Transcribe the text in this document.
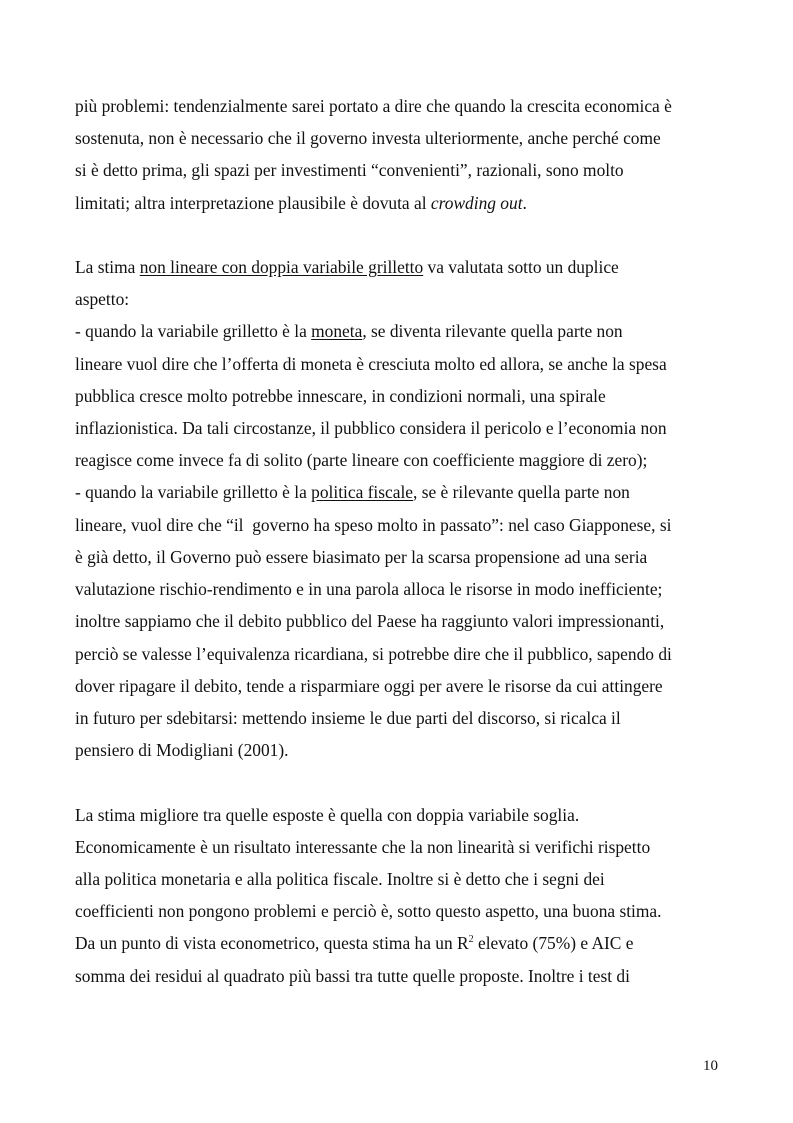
più problemi: tendenzialmente sarei portato a dire che quando la crescita economica è
sostenuta, non è necessario che il governo investa ulteriormente, anche perché come
si è detto prima, gli spazi per investimenti “convenienti”, razionali, sono molto
limitati; altra interpretazione plausibile è dovuta al crowding out.
La stima non lineare con doppia variabile grilletto va valutata sotto un duplice
aspetto:
- quando la variabile grilletto è la moneta, se diventa rilevante quella parte non
lineare vuol dire che l’offerta di moneta è cresciuta molto ed allora, se anche la spesa
pubblica cresce molto potrebbe innescare, in condizioni normali, una spirale
inflazionistica. Da tali circostanze, il pubblico considera il pericolo e l’economia non
reagisce come invece fa di solito (parte lineare con coefficiente maggiore di zero);
- quando la variabile grilletto è la politica fiscale, se è rilevante quella parte non
lineare, vuol dire che “il  governo ha speso molto in passato”: nel caso Giapponese, si
è già detto, il Governo può essere biasimato per la scarsa propensione ad una seria
valutazione rischio-rendimento e in una parola alloca le risorse in modo inefficiente;
inoltre sappiamo che il debito pubblico del Paese ha raggiunto valori impressionanti,
perciò se valesse l’equivalenza ricardiana, si potrebbe dire che il pubblico, sapendo di
dover ripagare il debito, tende a risparmiare oggi per avere le risorse da cui attingere
in futuro per sdebitarsi: mettendo insieme le due parti del discorso, si ricalca il
pensiero di Modigliani (2001).
La stima migliore tra quelle esposte è quella con doppia variabile soglia.
Economicamente è un risultato interessante che la non linearità si verifichi rispetto
alla politica monetaria e alla politica fiscale. Inoltre si è detto che i segni dei
coefficienti non pongono problemi e perciò è, sotto questo aspetto, una buona stima.
Da un punto di vista econometrico, questa stima ha un $R^2$ elevato (75%) e AIC e
somma dei residui al quadrato più bassi tra tutte quelle proposte. Inoltre i test di
10
